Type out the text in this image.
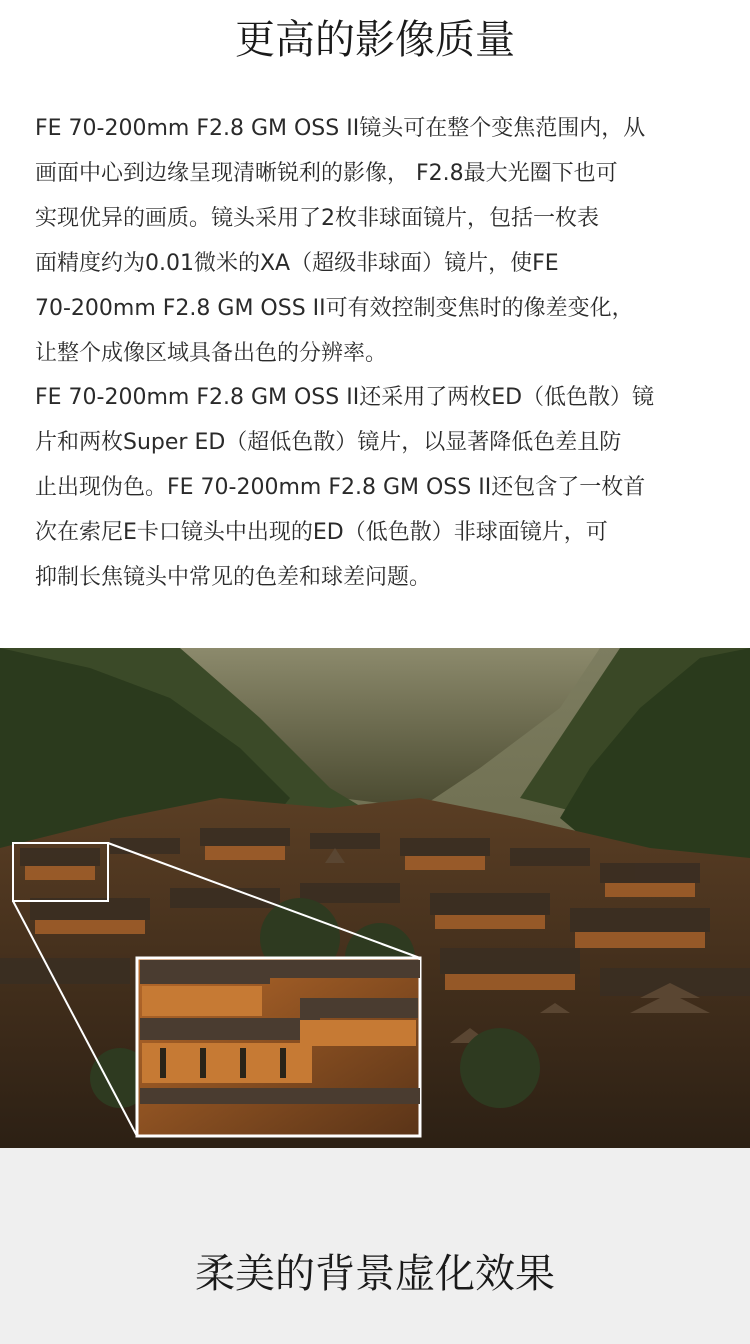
更高的影像质量

FE 70-200mm F2.8 GM OSS II镜头可在整个变焦范围内，从
画面中心到边缘呈现清晰锐利的影像， F2.8最大光圈下也可
实现优异的画质。镜头采用了2枚非球面镜片，包括一枚表
面精度约为0.01微米的XA（超级非球面）镜片，使FE
70-200mm F2.8 GM OSS II可有效控制变焦时的像差变化，
让整个成像区域具备出色的分辨率。

FE 70-200mm F2.8 GM OSS II还采用了两枚ED（低色散）镜
片和两枚Super ED（超低色散）镜片，以显著降低色差且防
止出现伪色。FE 70-200mm F2.8 GM OSS II还包含了一枚首
次在索尼E卡口镜头中出现的ED（低色散）非球面镜片，可
抑制长焦镜头中常见的色差和球差问题。

柔美的背景虚化效果
